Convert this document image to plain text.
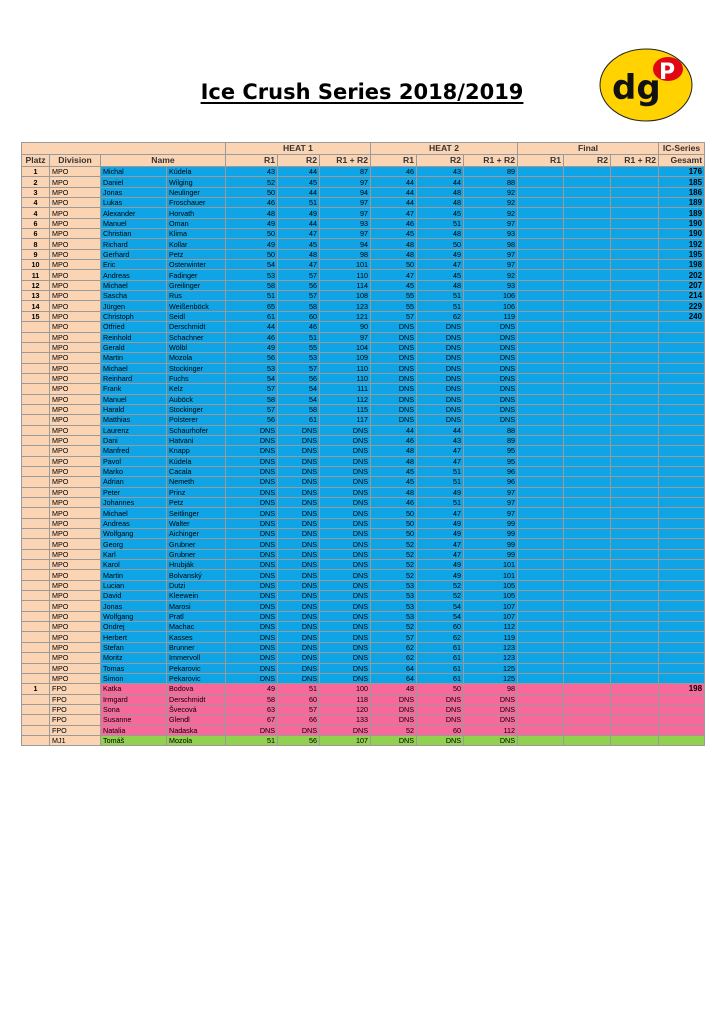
Ice Crush Series 2018/2019	dg
P
				HEAT 1			HEAT 2			Final			IC-Series
Platz	Division	Name		R1	R2	R1 + R2	R1	R2	R1 + R2	R1	R2	R1 + R2	Gesamt
1	MPO	Michal	Kúdela	43	44	87	46	43	89				176
2	MPO	Daniel	Wilging	52	45	97	44	44	88				185
3	MPO	Jonas	Neulinger	50	44	94	44	48	92				186
4	MPO	Lukas	Froschauer	46	51	97	44	48	92				189
4	MPO	Alexander	Horvath	48	49	97	47	45	92				189
6	MPO	Manuel	Oman	49	44	93	46	51	97				190
6	MPO	Christian	Klima	50	47	97	45	48	93				190
8	MPO	Richard	Kollar	49	45	94	48	50	98				192
9	MPO	Gerhard	Petz	50	48	98	48	49	97				195
10	MPO	Eric	Osterwinter	54	47	101	50	47	97				198
11	MPO	Andreas	Fadinger	53	57	110	47	45	92				202
12	MPO	Michael	Greilinger	58	56	114	45	48	93				207
13	MPO	Sascha	Rus	51	57	108	55	51	106				214
14	MPO	Jürgen	Weißenböck	65	58	123	55	51	106				229
15	MPO	Christoph	Seidl	61	60	121	57	62	119				240
	MPO	Otfried	Derschmidt	44	46	90	DNS	DNS	DNS				
	MPO	Reinhold	Schachner	46	51	97	DNS	DNS	DNS				
	MPO	Gerald	Wölbl	49	55	104	DNS	DNS	DNS				
	MPO	Martin	Mozola	56	53	109	DNS	DNS	DNS				
	MPO	Michael	Stockinger	53	57	110	DNS	DNS	DNS				
	MPO	Reinhard	Fuchs	54	56	110	DNS	DNS	DNS				
	MPO	Frank	Kelz	57	54	111	DNS	DNS	DNS				
	MPO	Manuel	Auböck	58	54	112	DNS	DNS	DNS				
	MPO	Harald	Stockinger	57	58	115	DNS	DNS	DNS				
	MPO	Matthias	Polsterer	56	61	117	DNS	DNS	DNS				
	MPO	Laurenz	Schaurhofer	DNS	DNS	DNS	44	44	88				
	MPO	Dani	Hatvani	DNS	DNS	DNS	46	43	89				
	MPO	Manfred	Knapp	DNS	DNS	DNS	48	47	95				
	MPO	Pavol	Kúdela	DNS	DNS	DNS	48	47	95				
	MPO	Marko	Cacala	DNS	DNS	DNS	45	51	96				
	MPO	Adrian	Nemeth	DNS	DNS	DNS	45	51	96				
	MPO	Peter	Prinz	DNS	DNS	DNS	48	49	97				
	MPO	Johannes	Petz	DNS	DNS	DNS	46	51	97				
	MPO	Michael	Seitlinger	DNS	DNS	DNS	50	47	97				
	MPO	Andreas	Walter	DNS	DNS	DNS	50	49	99				
	MPO	Wolfgang	Aichinger	DNS	DNS	DNS	50	49	99				
	MPO	Georg	Grubner	DNS	DNS	DNS	52	47	99				
	MPO	Karl	Grubner	DNS	DNS	DNS	52	47	99				
	MPO	Karol	Hrubják	DNS	DNS	DNS	52	49	101				
	MPO	Martin	Bolvanský	DNS	DNS	DNS	52	49	101				
	MPO	Lucian	Dutzi	DNS	DNS	DNS	53	52	105				
	MPO	David	Kleewein	DNS	DNS	DNS	53	52	105				
	MPO	Jonas	Marosi	DNS	DNS	DNS	53	54	107				
	MPO	Wolfgang	Pratl	DNS	DNS	DNS	53	54	107				
	MPO	Ondrej	Machac	DNS	DNS	DNS	52	60	112				
	MPO	Herbert	Kasses	DNS	DNS	DNS	57	62	119				
	MPO	Stefan	Brunner	DNS	DNS	DNS	62	61	123				
	MPO	Moritz	Immervoll	DNS	DNS	DNS	62	61	123				
	MPO	Tomas	Pekarovic	DNS	DNS	DNS	64	61	125				
	MPO	Simon	Pekarovic	DNS	DNS	DNS	64	61	125				
1	FPO	Katka	Bodova	49	51	100	48	50	98				198
	FPO	Irmgard	Derschmidt	58	60	118	DNS	DNS	DNS				
	FPO	Sona	Švecová	63	57	120	DNS	DNS	DNS				
	FPO	Susanne	Glendl	67	66	133	DNS	DNS	DNS				
	FPO	Natalia	Nadaska	DNS	DNS	DNS	52	60	112				
	MJ1	Tomáš	Mozola	51	56	107	DNS	DNS	DNS				
